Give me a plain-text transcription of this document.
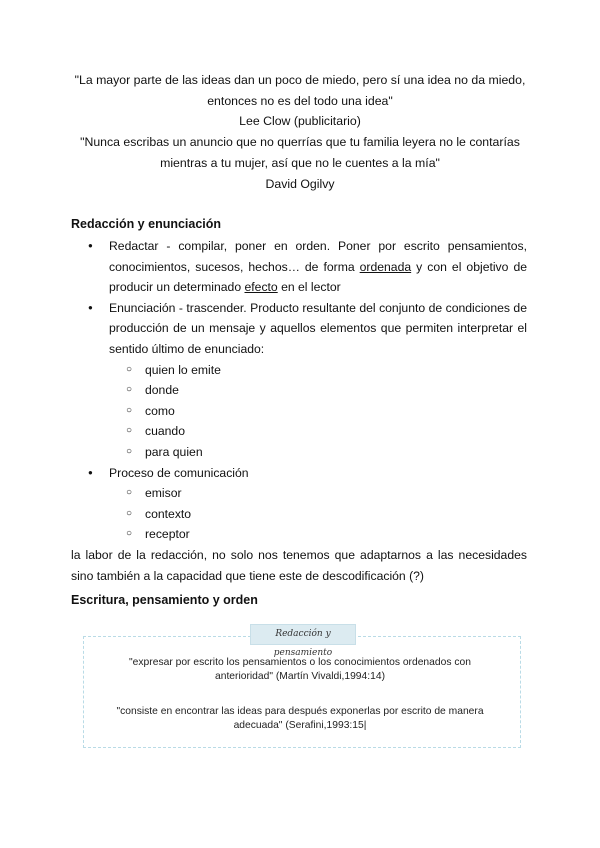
"La mayor parte de las ideas dan un poco de miedo, pero sí una idea no da miedo,

entonces no es del todo una idea"

Lee Clow (publicitario)

"Nunca escribas un anuncio que no querrías que tu familia leyera no le contarías

mientras a tu mujer, así que no le cuentes a la mía"

David Ogilvy

Redacción y enunciación
● Redactar - compilar, poner en orden. Poner por escrito pensamientos, conocimientos, sucesos, hechos… de forma ordenada y con el objetivo de producir un determinado efecto en el lector
● Enunciación - trascender. Producto resultante del conjunto de condiciones de producción de un mensaje y aquellos elementos que permiten interpretar el sentido último de enunciado:
○ quien lo emite
○ donde
○ como
○ cuando
○ para quien
● Proceso de comunicación
○ emisor
○ contexto
○ receptor

la labor de la redacción, no solo nos tenemos que adaptarnos a las necesidades sino también a la capacidad que tiene este de descodificación (?)

Escritura, pensamiento y orden
Redacción y pensamiento
"expresar por escrito los pensamientos o los conocimientos ordenados con anterioridad" (Martín Vivaldi,1994:14)
"consiste en encontrar las ideas para después exponerlas por escrito de manera adecuada" (Serafini,1993:15|
